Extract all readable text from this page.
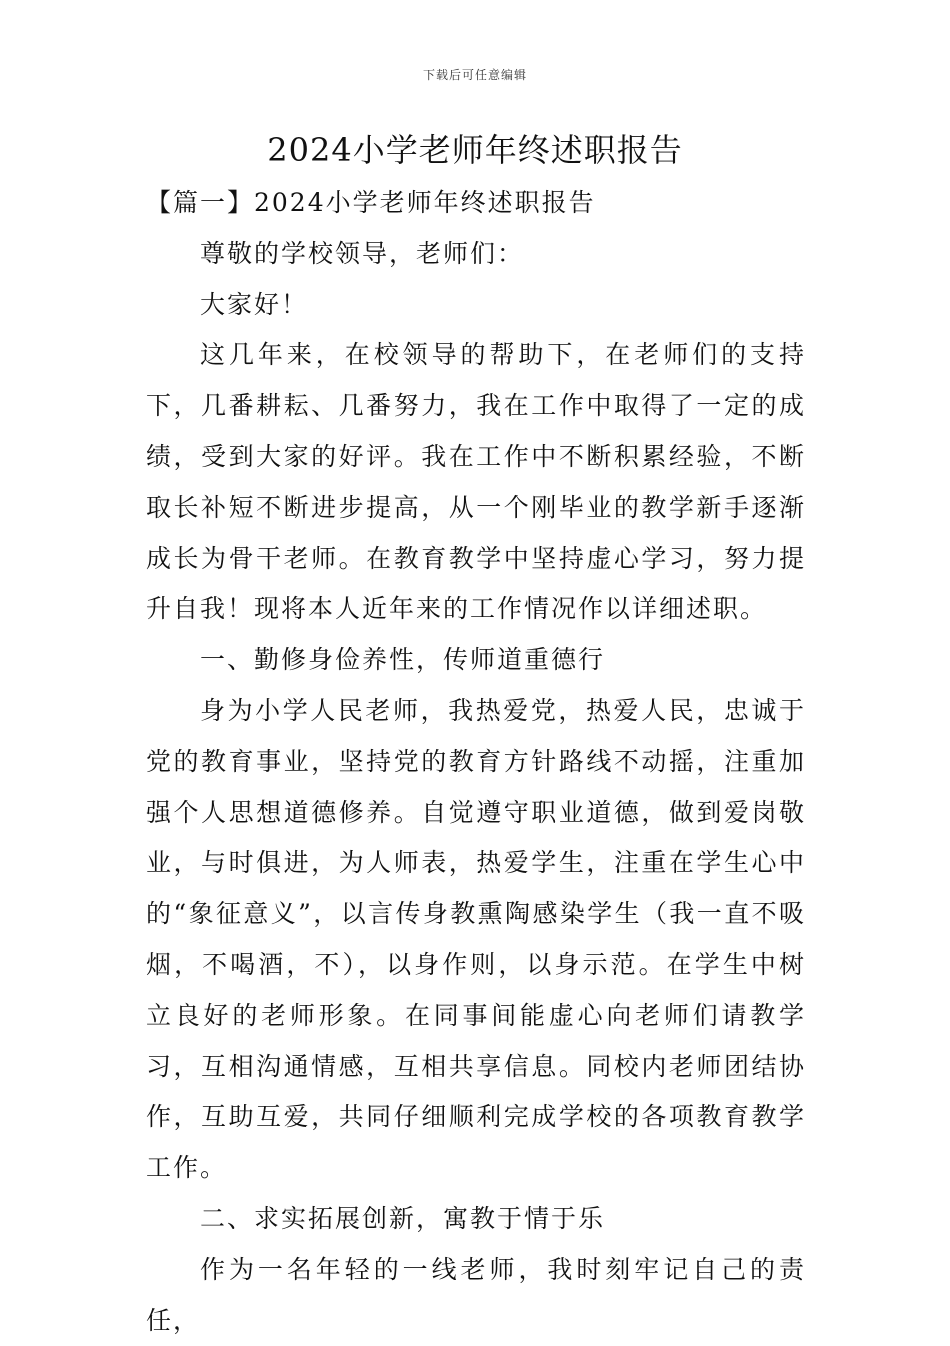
下载后可任意编辑
2024小学老师年终述职报告

【篇一】2024小学老师年终述职报告

尊敬的学校领导，老师们：

大家好！

这几年来，在校领导的帮助下，在老师们的支持下，几番耕耘、几番努力，我在工作中取得了一定的成绩，受到大家的好评。我在工作中不断积累经验，不断取长补短不断进步提高，从一个刚毕业的教学新手逐渐成长为骨干老师。在教育教学中坚持虚心学习，努力提升自我！现将本人近年来的工作情况作以详细述职。

一、勤修身俭养性，传师道重德行

身为小学人民老师，我热爱党，热爱人民，忠诚于党的教育事业，坚持党的教育方针路线不动摇，注重加强个人思想道德修养。自觉遵守职业道德，做到爱岗敬业，与时俱进，为人师表，热爱学生，注重在学生心中的“象征意义”，以言传身教熏陶感染学生（我一直不吸烟，不喝酒，不），以身作则，以身示范。在学生中树立良好的老师形象。在同事间能虚心向老师们请教学习，互相沟通情感，互相共享信息。同校内老师团结协作，互助互爱，共同仔细顺利完成学校的各项教育教学工作。

二、求实拓展创新，寓教于情于乐

作为一名年轻的一线老师，我时刻牢记自己的责任，
